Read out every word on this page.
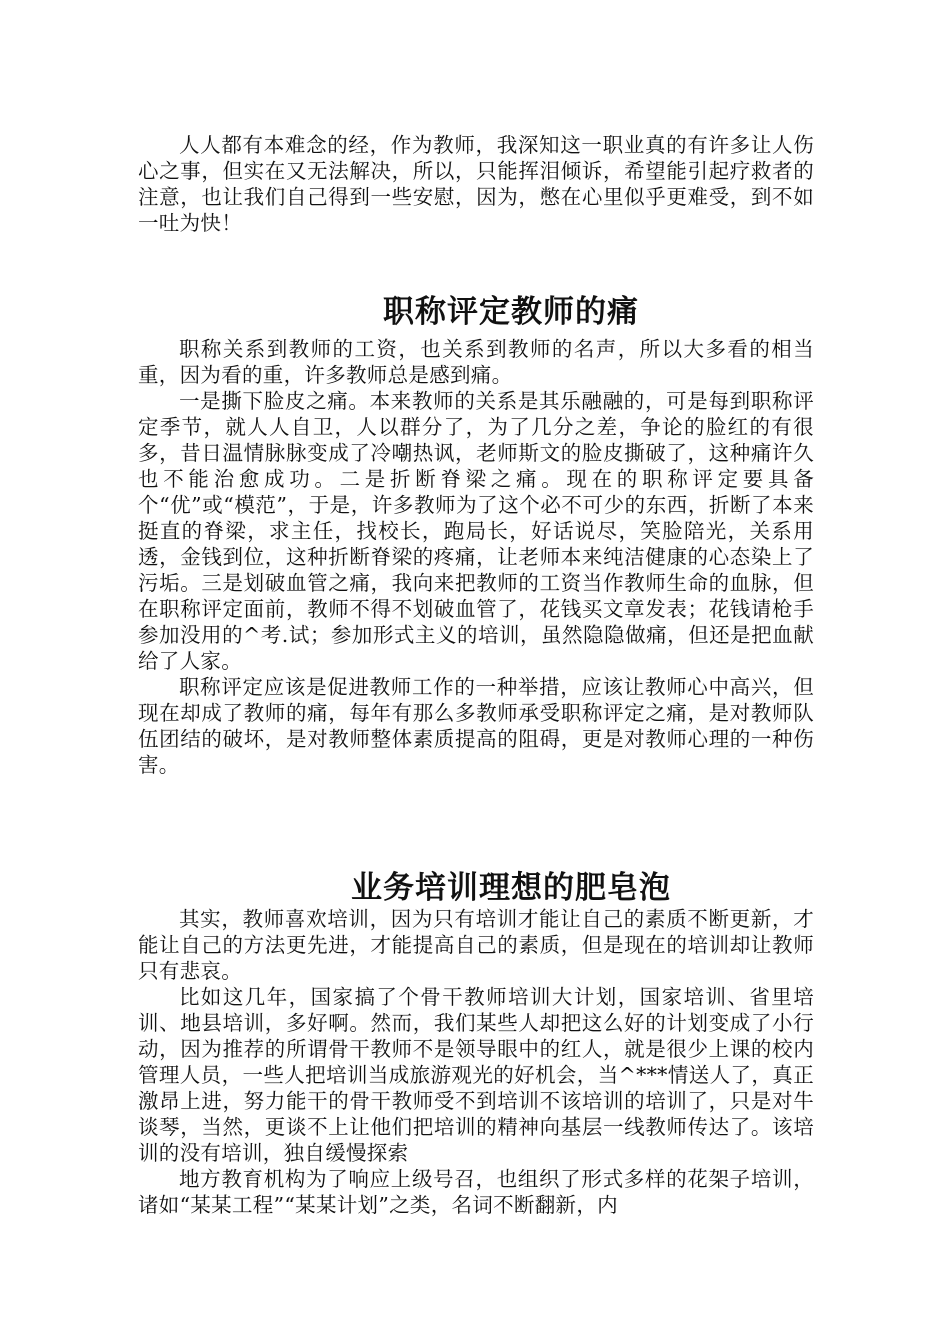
人人都有本难念的经，作为教师，我深知这一职业真的有许多让人伤心之事，但实在又无法解决，所以，只能挥泪倾诉，希望能引起疗救者的注意，也让我们自己得到一些安慰，因为，憋在心里似乎更难受，到不如一吐为快！

职称评定教师的痛

职称关系到教师的工资，也关系到教师的名声，所以大多看的相当重，因为看的重，许多教师总是感到痛。

一是撕下脸皮之痛。本来教师的关系是其乐融融的，可是每到职称评定季节，就人人自卫，人以群分了，为了几分之差，争论的脸红的有很多，昔日温情脉脉变成了冷嘲热讽，老师斯文的脸皮撕破了，这种痛许久也不能治愈成功。二是折断脊梁之痛。现在的职称评定要具备个“优”或“模范”，于是，许多教师为了这个必不可少的东西，折断了本来挺直的脊梁，求主任，找校长，跑局长，好话说尽，笑脸陪光，关系用透，金钱到位，这种折断脊梁的疼痛，让老师本来纯洁健康的心态染上了污垢。三是划破血管之痛，我向来把教师的工资当作教师生命的血脉，但在职称评定面前，教师不得不划破血管了，花钱买文章发表；花钱请枪手参加没用的^考.试；参加形式主义的培训，虽然隐隐做痛，但还是把血献给了人家。

职称评定应该是促进教师工作的一种举措，应该让教师心中高兴，但现在却成了教师的痛，每年有那么多教师承受职称评定之痛，是对教师队伍团结的破坏，是对教师整体素质提高的阻碍，更是对教师心理的一种伤害。

业务培训理想的肥皂泡

其实，教师喜欢培训，因为只有培训才能让自己的素质不断更新，才能让自己的方法更先进，才能提高自己的素质，但是现在的培训却让教师只有悲哀。

比如这几年，国家搞了个骨干教师培训大计划，国家培训、省里培训、地县培训，多好啊。然而，我们某些人却把这么好的计划变成了小行动，因为推荐的所谓骨干教师不是领导眼中的红人，就是很少上课的校内管理人员，一些人把培训当成旅游观光的好机会，当^***情送人了，真正激昂上进，努力能干的骨干教师受不到培训不该培训的培训了，只是对牛谈琴，当然，更谈不上让他们把培训的精神向基层一线教师传达了。该培训的没有培训，独自缓慢探索

地方教育机构为了响应上级号召，也组织了形式多样的花架子培训，诸如“某某工程”“某某计划”之类，名词不断翻新，内
